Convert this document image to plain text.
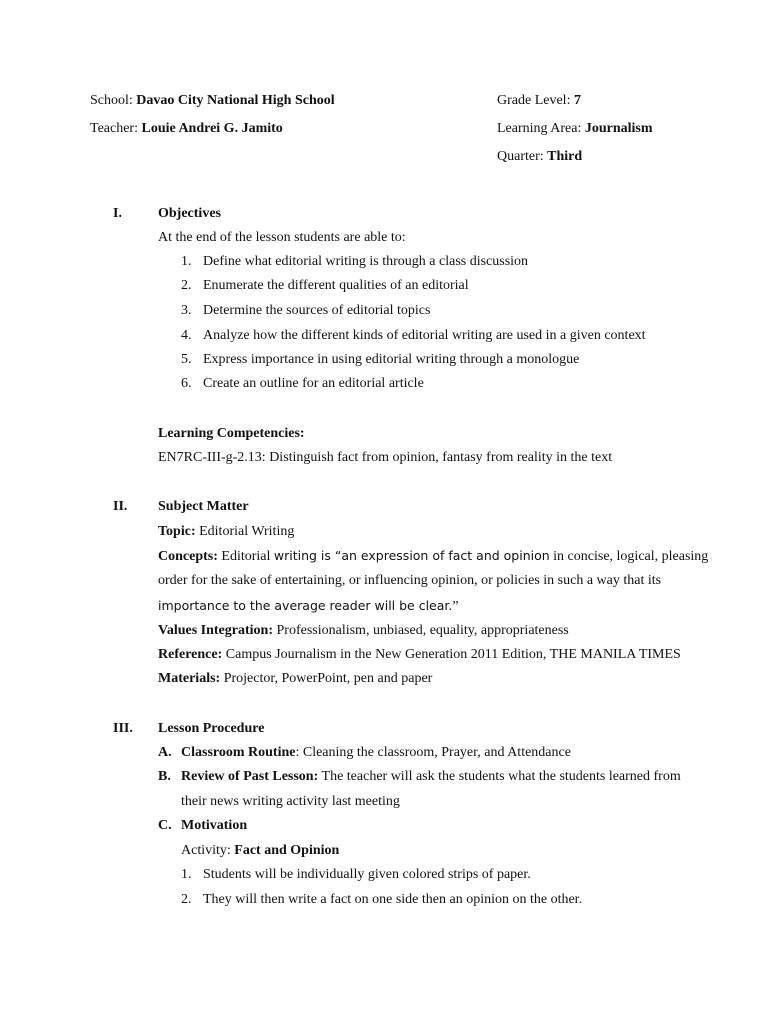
School: Davao City National High School
Teacher: Louie Andrei G. Jamito
Grade Level: 7
Learning Area: Journalism
Quarter: Third
I.	Objectives
At the end of the lesson students are able to:
1. Define what editorial writing is through a class discussion
2. Enumerate the different qualities of an editorial
3. Determine the sources of editorial topics
4. Analyze how the different kinds of editorial writing are used in a given context
5. Express importance in using editorial writing through a monologue
6. Create an outline for an editorial article
Learning Competencies:
EN7RC-III-g-2.13: Distinguish fact from opinion, fantasy from reality in the text
II. Subject Matter
Topic: Editorial Writing
Concepts: Editorial writing is “an expression of fact and opinion in concise, logical, pleasing
order for the sake of entertaining, or influencing opinion, or policies in such a way that its
importance to the average reader will be clear.”
Values Integration: Professionalism, unbiased, equality, appropriateness
Reference: Campus Journalism in the New Generation 2011 Edition, THE MANILA TIMES
Materials: Projector, PowerPoint, pen and paper
III. Lesson Procedure
A. Classroom Routine: Cleaning the classroom, Prayer, and Attendance
B. Review of Past Lesson: The teacher will ask the students what the students learned from
their news writing activity last meeting
C. Motivation
Activity: Fact and Opinion
1. Students will be individually given colored strips of paper.
2. They will then write a fact on one side then an opinion on the other.
